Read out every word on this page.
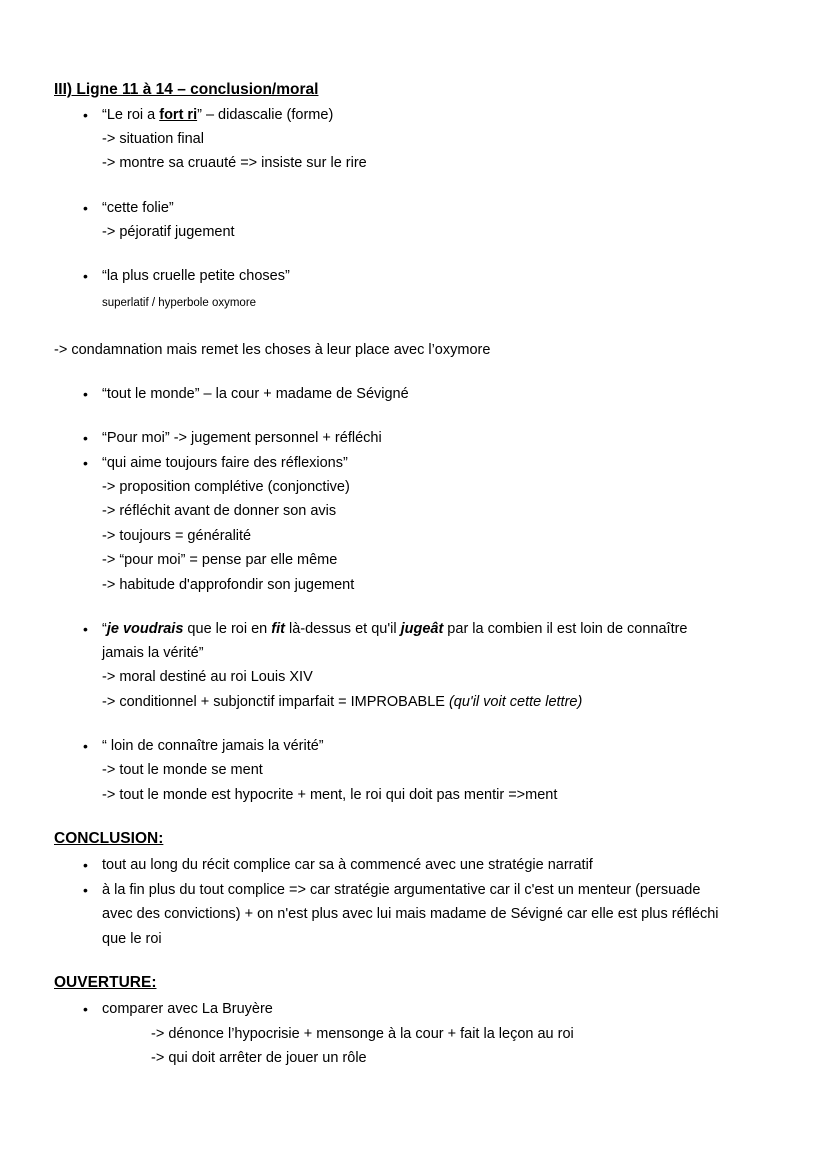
III) Ligne 11 à 14 – conclusion/moral
• “Le roi a fort ri” – didascalie (forme)
-> situation final
-> montre sa cruauté => insiste sur le rire
• “cette folie”
-> péjoratif jugement
• “la plus cruelle petite choses”
superlatif / hyperbole oxymore
-> condamnation mais remet les choses à leur place avec l’oxymore
• “tout le monde” – la cour + madame de Sévigné
• “Pour moi” -> jugement personnel + réfléchi
• “qui aime toujours faire des réflexions”
-> proposition complétive (conjonctive)
-> réfléchit avant de donner son avis
-> toujours = généralité
-> “pour moi” = pense par elle même
-> habitude d'approfondir son jugement
• “je voudrais que le roi en fit là-dessus et qu'il jugeât par la combien il est loin de connaître
jamais la vérité”
-> moral destiné au roi Louis XIV
-> conditionnel + subjonctif imparfait = IMPROBABLE (qu'il voit cette lettre)
• “ loin de connaître jamais la vérité”
-> tout le monde se ment
-> tout le monde est hypocrite + ment, le roi qui doit pas mentir =>ment
CONCLUSION:
• tout au long du récit complice car sa à commencé avec une stratégie narratif
• à la fin plus du tout complice => car stratégie argumentative car il c'est un menteur (persuade
avec des convictions) + on n'est plus avec lui mais madame de Sévigné car elle est plus réfléchi
que le roi
OUVERTURE:
• comparer avec La Bruyère
-> dénonce l’hypocrisie + mensonge à la cour + fait la leçon au roi
-> qui doit arrêter de jouer un rôle
